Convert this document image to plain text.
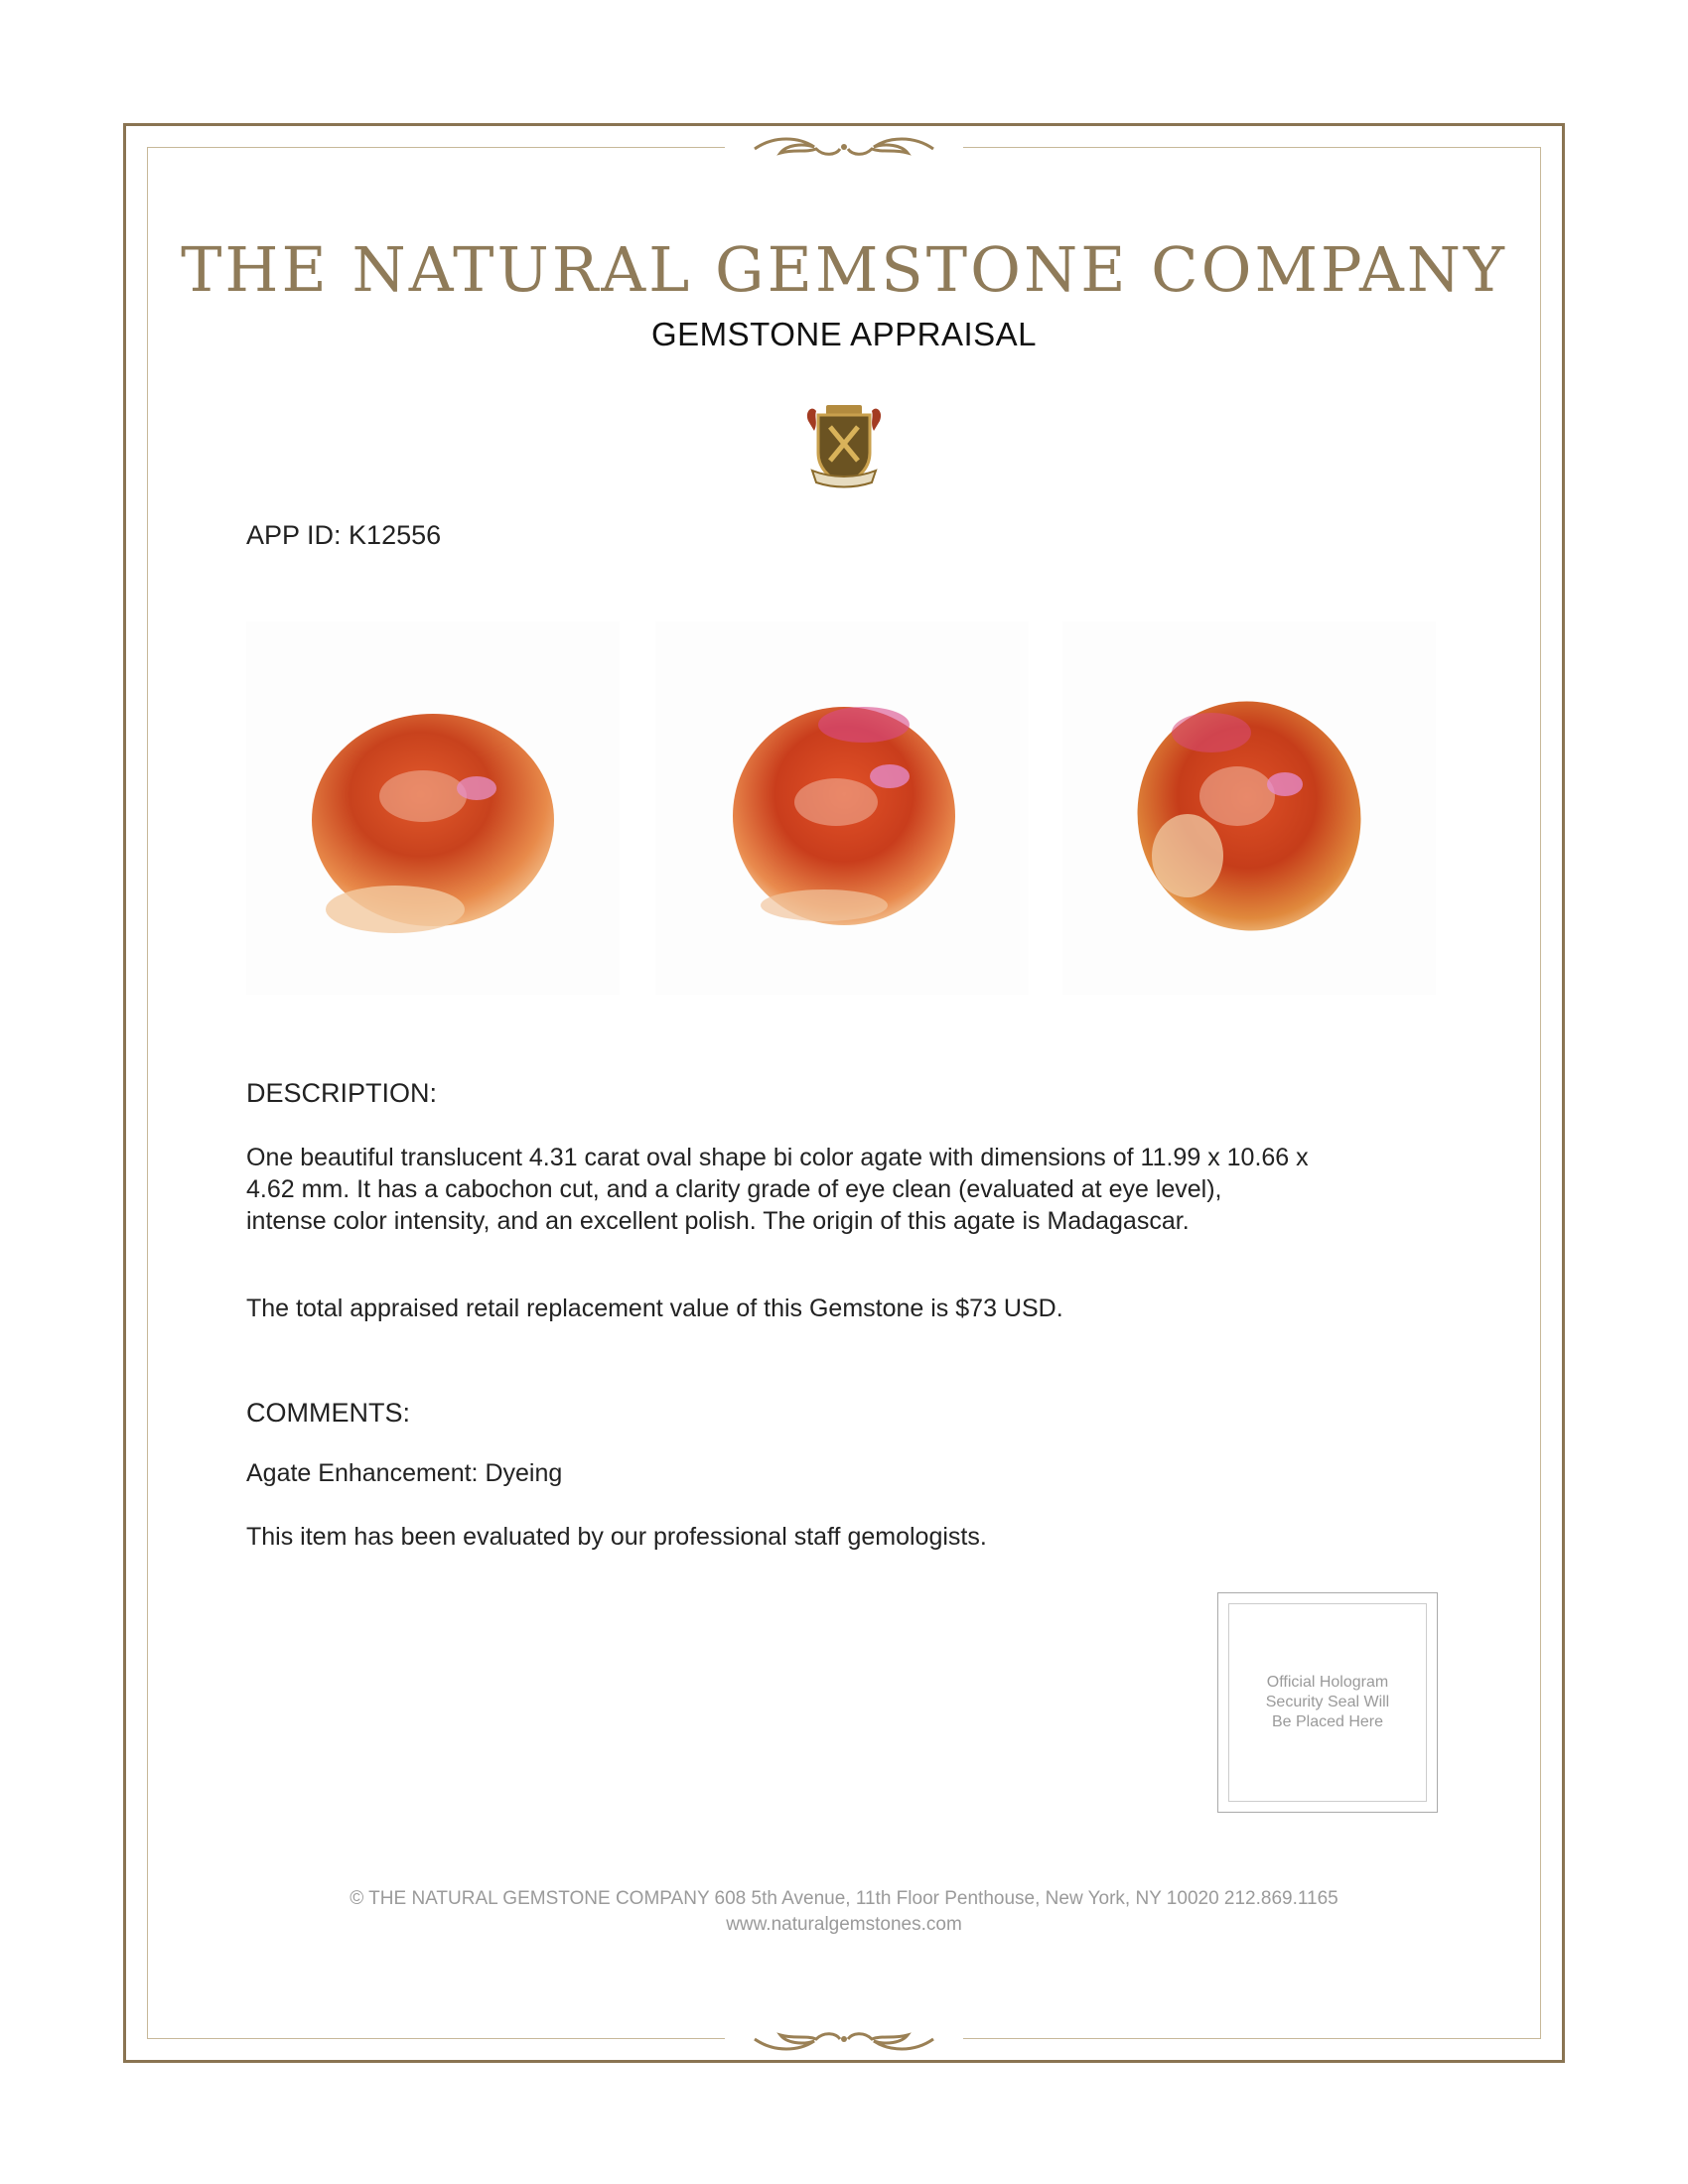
THE NATURAL GEMSTONE COMPANY
GEMSTONE APPRAISAL
APP ID: K12556
DESCRIPTION:
One beautiful translucent 4.31 carat oval shape bi color agate with dimensions of 11.99 x 10.66 x
4.62 mm. It has a cabochon cut, and a clarity grade of eye clean (evaluated at eye level),
intense color intensity, and an excellent polish. The origin of this agate is Madagascar.
The total appraised retail replacement value of this Gemstone is $73 USD.
COMMENTS:
Agate Enhancement: Dyeing
This item has been evaluated by our professional staff gemologists.
Official Hologram
Security Seal Will
Be Placed Here
© THE NATURAL GEMSTONE COMPANY 608 5th Avenue, 11th Floor Penthouse, New York, NY 10020 212.869.1165
www.naturalgemstones.com
